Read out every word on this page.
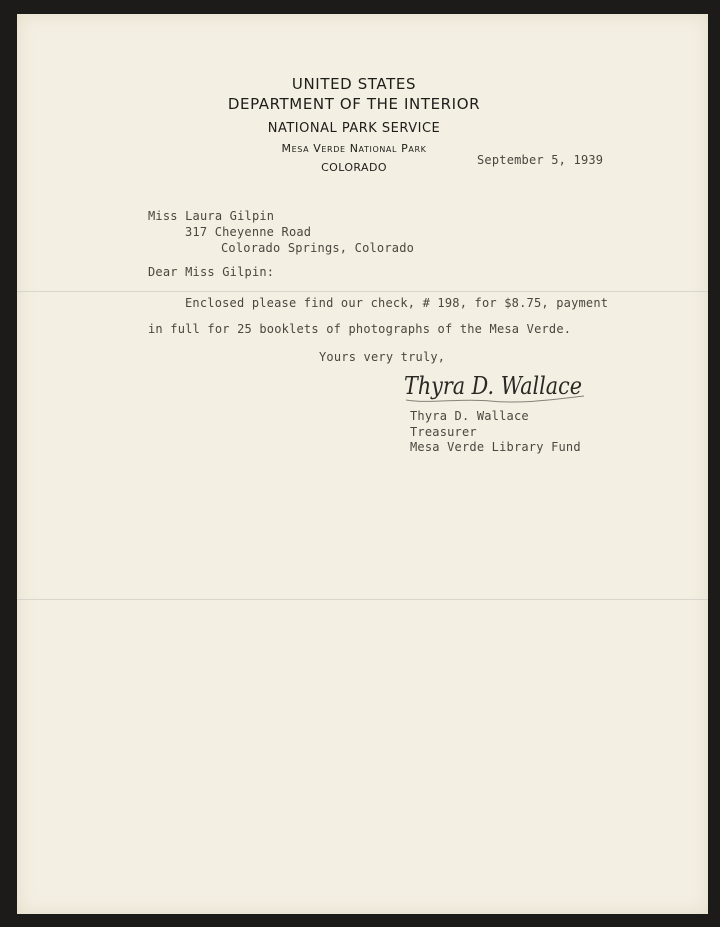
UNITED STATES
DEPARTMENT OF THE INTERIOR
NATIONAL PARK SERVICE
Mesa Verde National Park
COLORADO
September 5, 1939
Miss Laura Gilpin
317 Cheyenne Road
Colorado Springs, Colorado
Dear Miss Gilpin:
Enclosed please find our check, # 198, for $8.75, payment
in full for 25 booklets of photographs of the Mesa Verde.
Yours very truly,
Thyra D. Wallace
Thyra D. Wallace
Treasurer
Mesa Verde Library Fund
